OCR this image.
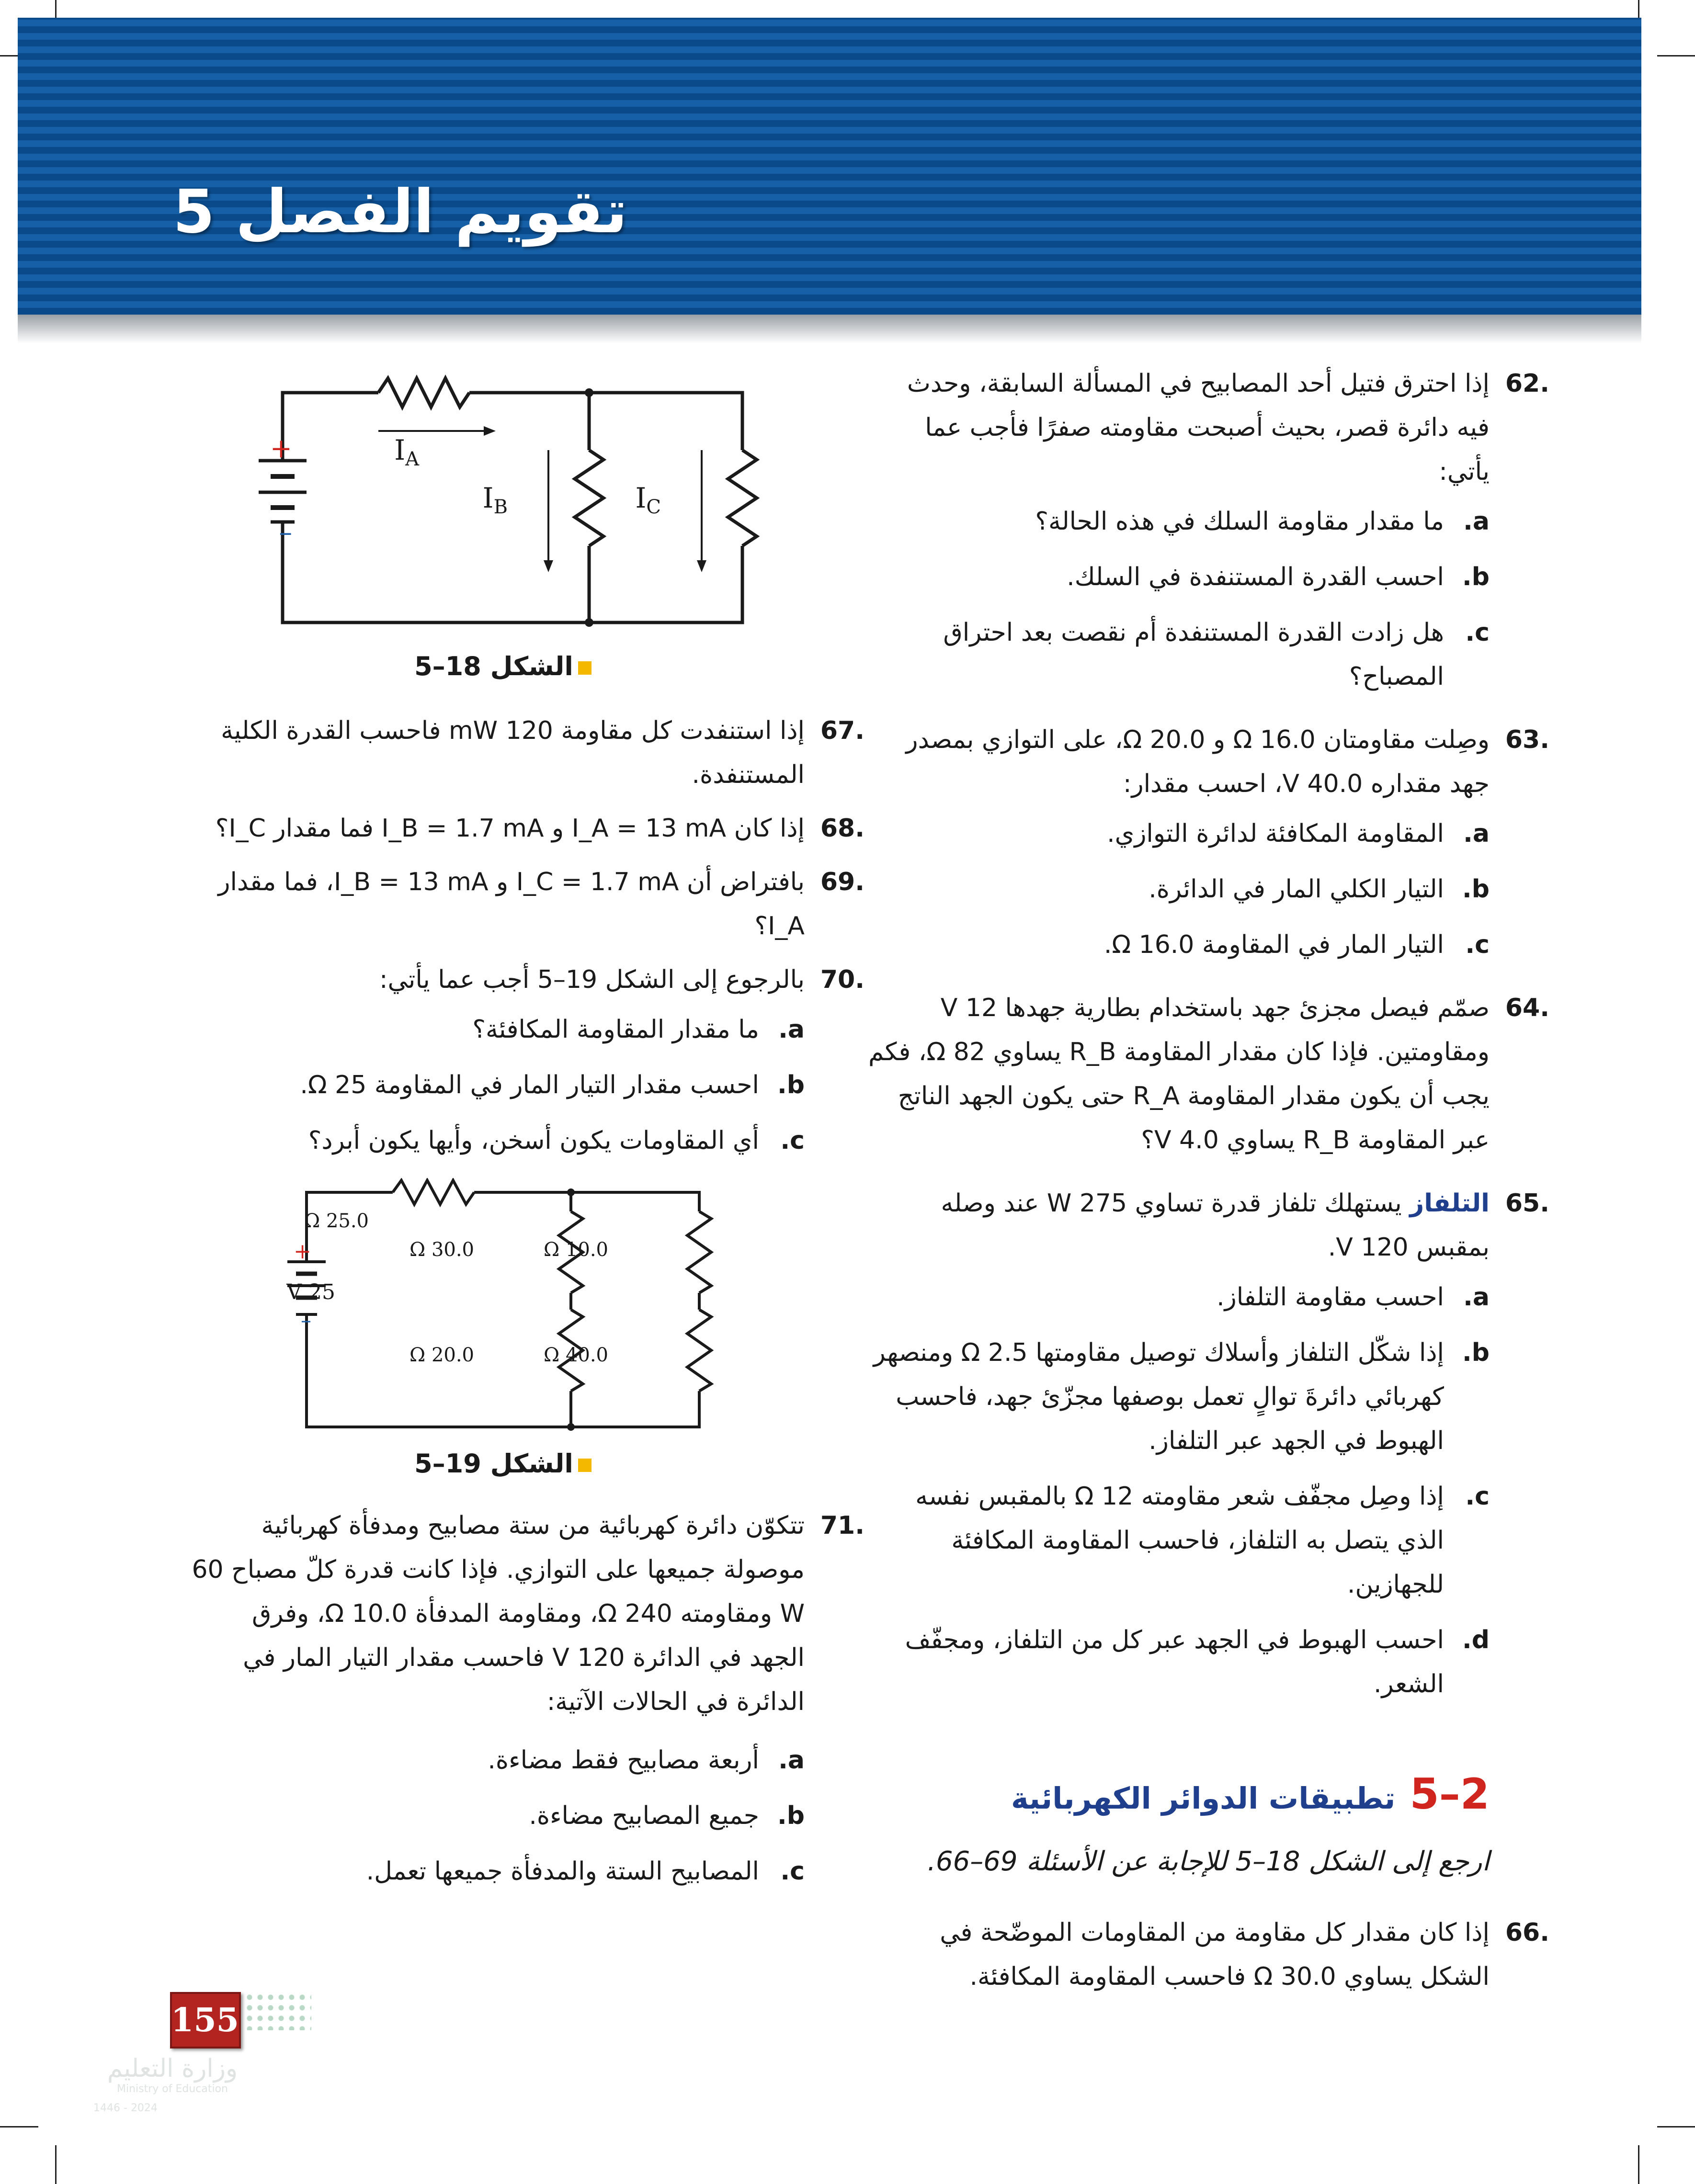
تقويم الفصل 5
62.
إذا احترق فتيل أحد المصابيح في المسألة السابقة، وحدث فيه دائرة قصر، بحيث أصبحت مقاومته صفرًا فأجب عما يأتي:
a.
ما مقدار مقاومة السلك في هذه الحالة؟
b.
احسب القدرة المستنفدة في السلك.
c.
هل زادت القدرة المستنفدة أم نقصت بعد احتراق المصباح؟
63.
وصِلت مقاومتان Ω 16.0 و Ω 20.0، على التوازي بمصدر جهد مقداره 40.0 V، احسب مقدار:
a.
المقاومة المكافئة لدائرة التوازي.
b.
التيار الكلي المار في الدائرة.
c.
التيار المار في المقاومة Ω 16.0.
64.
صمّم فيصل مجزئ جهد باستخدام بطارية جهدها 12 V ومقاومتين. فإذا كان مقدار المقاومة R_B يساوي Ω 82، فكم يجب أن يكون مقدار المقاومة R_A حتى يكون الجهد الناتج عبر المقاومة R_B يساوي 4.0 V؟
65.
التلفاز يستهلك تلفاز قدرة تساوي 275 W عند وصله بمقبس 120 V.
a.
احسب مقاومة التلفاز.
b.
إذا شكّل التلفاز وأسلاك توصيل مقاومتها Ω 2.5 ومنصهر كهربائي دائرةَ توالٍ تعمل بوصفها مجزّئ جهد، فاحسب الهبوط في الجهد عبر التلفاز.
c.
إذا وصِل مجفّف شعر مقاومته Ω 12 بالمقبس نفسه الذي يتصل به التلفاز، فاحسب المقاومة المكافئة للجهازين.
d.
احسب الهبوط في الجهد عبر كل من التلفاز، ومجفّف الشعر.
5–2 تطبيقات الدوائر الكهربائية
ارجع إلى الشكل 18–5 للإجابة عن الأسئلة 69–66.
66.
إذا كان مقدار كل مقاومة من المقاومات الموضّحة في الشكل يساوي Ω 30.0 فاحسب المقاومة المكافئة.
+
–
$I_A$
$I_B$	$I_C$
الشكل 18–5
67.
إذا استنفدت كل مقاومة 120 mW فاحسب القدرة الكلية المستنفدة.
68.
إذا كان I_A = 13 mA و I_B = 1.7 mA فما مقدار I_C؟
69.
بافتراض أن I_C = 1.7 mA و I_B = 13 mA، فما مقدار I_A؟
70.
بالرجوع إلى الشكل 19–5 أجب عما يأتي:
a.
ما مقدار المقاومة المكافئة؟
b.
احسب مقدار التيار المار في المقاومة Ω 25.
c.
أي المقاومات يكون أسخن، وأيها يكون أبرد؟
+
–
25 V
25.0 Ω
30.0 Ω	10.0 Ω
20.0 Ω	40.0 Ω
الشكل 19–5
71.
تتكوّن دائرة كهربائية من ستة مصابيح ومدفأة كهربائية موصولة جميعها على التوازي. فإذا كانت قدرة كلّ مصباح 60 W ومقاومته Ω 240، ومقاومة المدفأة Ω 10.0، وفرق الجهد في الدائرة 120 V فاحسب مقدار التيار المار في الدائرة في الحالات الآتية:
a.
أربعة مصابيح فقط مضاءة.
b.
جميع المصابيح مضاءة.
c.
المصابيح الستة والمدفأة جميعها تعمل.
155
وزارة التعليم
Ministry of Education
2024 - 1446
